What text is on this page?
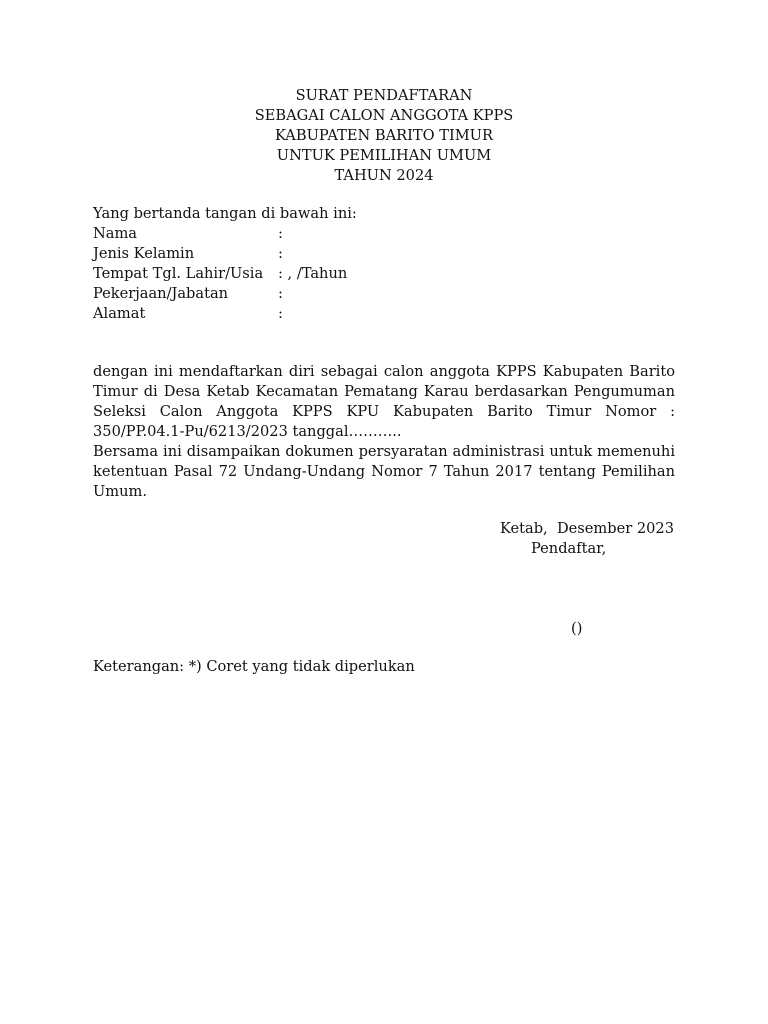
SURAT PENDAFTARAN
SEBAGAI CALON ANGGOTA KPPS
KABUPATEN BARITO TIMUR
UNTUK PEMILIHAN UMUM
TAHUN 2024
Yang bertanda tangan di bawah ini:
Nama	:
Jenis Kelamin	:
Tempat Tgl. Lahir/Usia	: , /Tahun
Pekerjaan/Jabatan	:
Alamat	:

dengan ini mendaftarkan diri sebagai calon anggota KPPS Kabupaten Barito Timur di Desa Ketab Kecamatan Pematang Karau berdasarkan Pengumuman Seleksi Calon Anggota KPPS KPU Kabupaten Barito Timur Nomor : 350/PP.04.1-Pu/6213/2023 tanggal………..

Bersama ini disampaikan dokumen persyaratan administrasi untuk memenuhi ketentuan Pasal 72 Undang-Undang Nomor 7 Tahun 2017 tentang Pemilihan Umum.

Ketab,  Desember 2023
Pendaftar,
()
Keterangan: *) Coret yang tidak diperlukan
